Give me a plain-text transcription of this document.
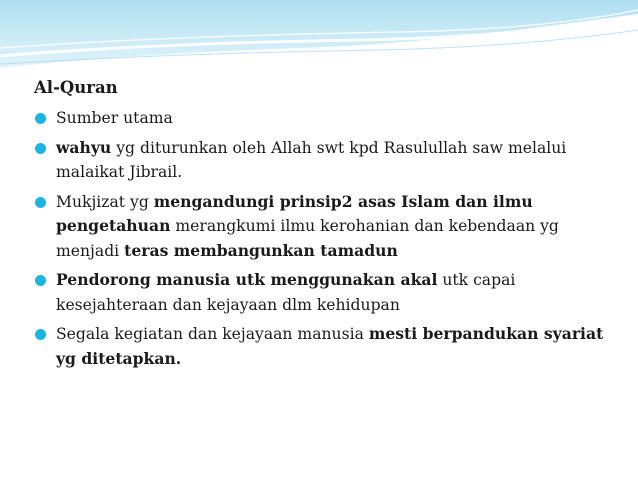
Al-Quran
Sumber utama
wahyu yg diturunkan oleh Allah swt kpd Rasulullah saw melalui malaikat Jibrail.
Mukjizat yg mengandungi prinsip2 asas Islam dan ilmu pengetahuan merangkumi ilmu kerohanian dan kebendaan yg menjadi teras membangunkan tamadun
Pendorong manusia utk menggunakan akal utk capai kesejahteraan dan kejayaan dlm kehidupan
Segala kegiatan dan kejayaan manusia mesti berpandukan syariat yg ditetapkan.
